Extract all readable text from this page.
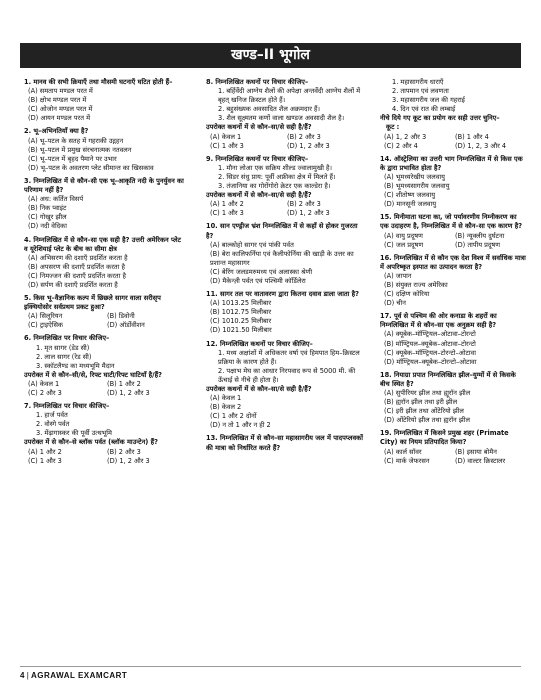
खण्ड–II भूगोल
1. मानव की सभी क्रियाएँ तथा मौसमी घटनाएँ घटित होती हैं–
(A) समताप मण्डल परत में
(B) क्षोभ मण्डल परत में
(C) ओजोन मण्डल परत में
(D) आयन मण्डल परत में
2. भू–अभिनतियाँ क्या है?
(A) भू–पटल के सतह में गहराकी उद्गहन
(B) भू–पटल में प्रमुख संरचनात्मक नतवलन
(C) भू–पटल में बृहद पैमाने पर उभार
(D) भू–पटल के अवतरण प्लेट सीमान्त का खिसकाव
3. निम्नलिखित में से कौन–सी एक भू–आकृति नदी के पुनर्युवन का परिणाम नहीं है?
(A) अध: कर्तित विसर्प
(B) निक प्वाइंट
(C) गोखुर झील
(D) नदी वेदिका
4. निम्नलिखित में से कौन–सा एक सही है? उत्तरी अमेरिकन प्लेट व यूरेशियाई प्लेट के बीच का सीमा क्षेत्र
(A) अभिसरण की दशाएँ प्रदर्शित करता है
(B) अपसरण की दशाएँ प्रदर्शित करता है
(C) निमज्जन की दशाएँ प्रदर्शित करता है
(D) सर्पण की दशाएँ प्रदर्शित करता है
5. किस भू–वैज्ञानिक कल्प में छिछले सागर वाला सरीसृप इक्थियोसोर सर्वप्रथम प्रकट हुआ?
(A) सिलूरियन	(B) डिवोनी
(C) ट्राइऐसिक	(D) ऑर्डोवीशन
6. निम्नलिखित पर विचार कीजिए–
1. मृत सागर (डेड सी)
2. लाल सागर (रेड सी)
3. स्कॉटलैण्ड का मध्यभूमि मैदान
उपरोक्त में से कौन–सी/से, रिफ्ट घाटी/रिफ्ट घाटियाँ है/हैं?
(A) केवल 1	(B) 1 और 2
(C) 2 और 3	(D) 1, 2 और 3
7. निम्नलिखित पर विचार कीजिए–
1. हार्ज पर्वत
2. वोस्गे पर्वत
3. मेंढ़ागास्कर की पूर्वी उत्थभूमि
उपरोक्त में से कौन–से ब्लॉक पर्वत (ब्लॉक माउन्टेन) हैं?
(A) 1 और 2	(B) 2 और 3
(C) 1 और 3	(D) 1, 2 और 3
8. निम्नलिखित कथनों पर विचार कीजिए–
1. बर्हिर्वेदी आग्नेय शैलों की अपेक्षा अन्तर्वेदी आग्नेय शैलों में बृहत् खनिज क्रिस्टल होते हैं।
2. बहुसंख्यक अवसादित शैल अक्रमदार हैं।
3. शैल सूक्ष्मतम कणों वाला खण्डज अवसादी शैल है।
उपरोक्त कथनों में से कौन–सा/से सही है/हैं?
(A) केवल 1	(B) 2 और 3
(C) 1 और 3	(D) 1, 2 और 3
9. निम्नलिखित कथनों पर विचार कीजिए–
1. मौना लोआ एक सक्रिय शील्ड ज्वालामुखी है।
2. सिडर संधु प्राय: पूर्वी अफ्रीका क्षेत्र में मिलते हैं।
3. तंजानिया का गोरोंगोरो क्रेटर एक काल्डेरा है।
उपरोक्त कथनों में से कौन–सा/से सही है/हैं?
(A) 1 और 2	(B) 2 और 3
(C) 1 और 3	(D) 1, 2 और 3
10. सान एण्ड्रीज भ्रंश निम्नलिखित में से कहाँ से होकर गुजरता है?
(A) बाल्कोहो सागर एवं पांकी पर्वत
(B) बेरा कालिफर्निया एवं कैलीफोर्निया की खाड़ी के उत्तर का प्रशान्त महासागर
(C) बेरिंग जलडमरुमध्य एवं अलास्का श्रेणी
(D) मैकेन्ज़ी पर्वत एवं पश्चिमी कॉर्डिलेरा
11. सागर तल पर वातावरण द्वारा कितना दवाव डाला जाता है?
(A) 1013.25 मिलीबार
(B) 1012.75 मिलीबार
(C) 1010.25 मिलीबार
(D) 1021.50 मिलीबार
12. निम्नलिखित कथनों पर विचार कीजिए–
1. मध्य अक्षांशों में अधिकतर वर्षा एवं हिमपात हिम–क्रिस्टल प्रक्रिया के कारण होते हैं।
2. पक्षाभ मेघ का आधार निरपवाद रूप से 5000 मी. की ऊँचाई से नीचे ही होता है।
उपरोक्त कथनों में से कौन–सा/से सही है/हैं?
(A) केवल 1
(B) केवल 2
(C) 1 और 2 दोनों
(D) न तो 1 और न ही 2
13. निम्नलिखित में से कौन–सा महासागरीय जल में पादपप्लवकों की मात्रा को निर्धारित करते हैं?
1. महासागरीय धाराएँ
2. तापमान एवं लवणता
3. महासागरीय जल की गहराई
4. दिन एवं रात की लम्बाई
नीचे दिये गए कूट का प्रयोग कर सही उत्तर चुनिए–
कूट :
(A) 1, 2 और 3	(B) 1 और 4
(C) 2 और 4	(D) 1, 2, 3 और 4
14. ऑस्ट्रेलिया का उत्तरी भाग निम्नलिखित में से किस एक के द्वारा प्रभावित होता है?
(A) भूमध्यरेखीय जलवायु
(B) भूमध्यसागरीय जलवायु
(C) शीतोष्ण जलवायु
(D) मानसूनी जलवायु
15. मिनीमाता घटना का, जो पर्यावरणीय निम्नीकरण का एक उदाहरण है, निम्नलिखित में से कौन–सा एक कारण है?
(A) वायु प्रदूषण	(B) न्यूक्लीय दुर्घटना
(C) जल प्रदूषण	(D) तापीय प्रदूषण
16. निम्नलिखित में से कौन एक देश विश्व में सर्वाधिक मात्रा में अपरिष्कृत इस्पात का उत्पादन करता है?
(A) जापान
(B) संयुक्त राज्य अमेरिका
(C) दक्षिण कोरिया
(D) चीन
17. पूर्व से पश्चिम की ओर कनाडा के शहरों का निम्नलिखित में से कौन–सा एक अनुक्रम सही है?
(A) क्यूबेक–मॉण्ट्रियल–ओटावा–टोरन्टो
(B) मॉण्ट्रियल–क्यूबेक–ओटावा–टोरन्टो
(C) क्यूबेक–मॉण्ट्रियल–टोरन्टो–ओटावा
(D) मॉण्ट्रियल–क्यूबेक–टोरन्टो–ओटावा
18. नियाग्रा प्रपात निम्नलिखित झील–युग्मों में से किसके बीच स्थित है?
(A) सुपीरियर झील तथा ह्यूरॉन झील
(B) ह्यरॉन झील तथा इरी झील
(C) इरी झील तथा ओंटेरियो झील
(D) ओंटेरियो झील तथा ह्यरॉन झील
19. निम्नलिखित में किसने प्रमुख शहर (Primate City) का नियम प्रतिपादित किया?
(A) कार्ल सॉवर	(B) इसाया बोमैन
(C) मार्क जेफरसन	(D) वाल्टर क्रिस्टालर
4 | AGRAWAL EXAMCART
